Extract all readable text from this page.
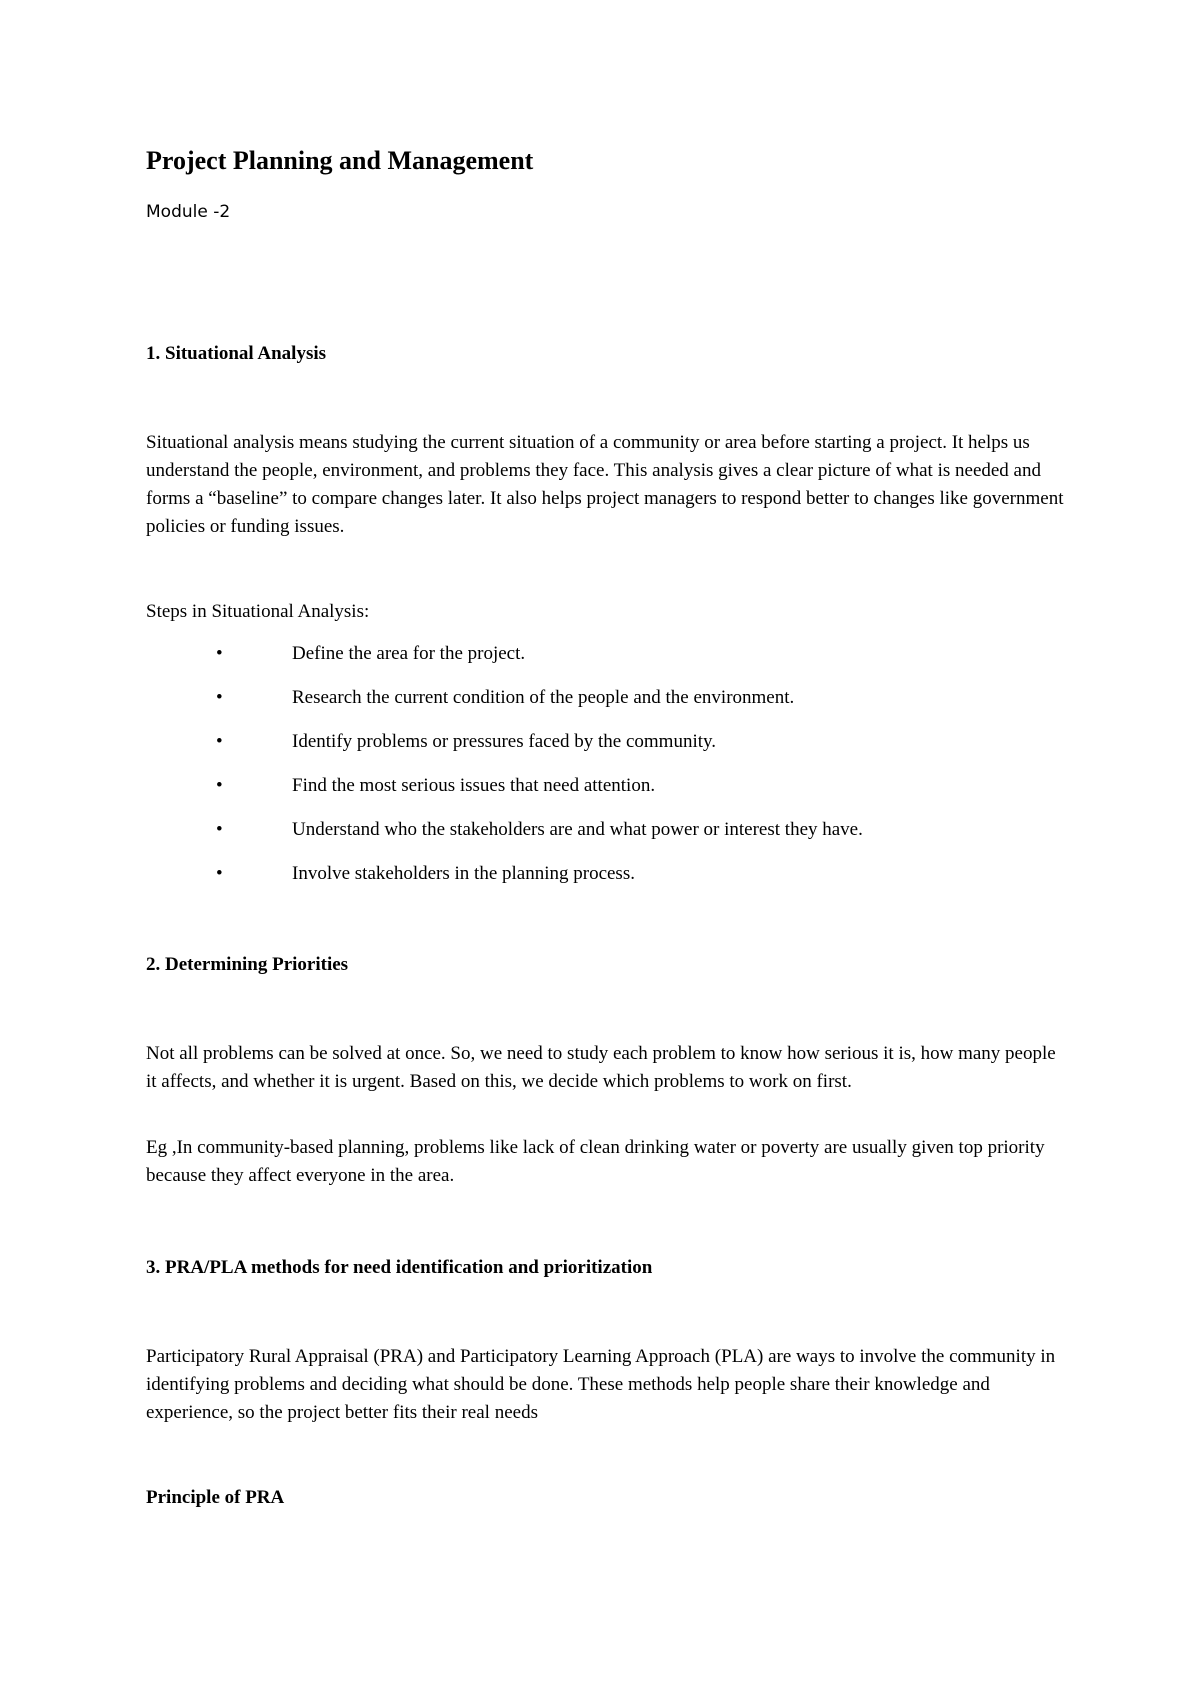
Project Planning and Management

Module -2

1. Situational Analysis

Situational analysis means studying the current situation of a community or area before starting a project. It helps us understand the people, environment, and problems they face. This analysis gives a clear picture of what is needed and forms a “baseline” to compare changes later. It also helps project managers to respond better to changes like government policies or funding issues.

Steps in Situational Analysis:

•	Define the area for the project.
•	Research the current condition of the people and the environment.
•	Identify problems or pressures faced by the community.
•	Find the most serious issues that need attention.
•	Understand who the stakeholders are and what power or interest they have.
•	Involve stakeholders in the planning process.
2. Determining Priorities

Not all problems can be solved at once. So, we need to study each problem to know how serious it is, how many people it affects, and whether it is urgent. Based on this, we decide which problems to work on first.

Eg ,In community-based planning, problems like lack of clean drinking water or poverty are usually given top priority because they affect everyone in the area.

3. PRA/PLA methods for need identification and prioritization

Participatory Rural Appraisal (PRA) and Participatory Learning Approach (PLA) are ways to involve the community in identifying problems and deciding what should be done. These methods help people share their knowledge and experience, so the project better fits their real needs

Principle of PRA
